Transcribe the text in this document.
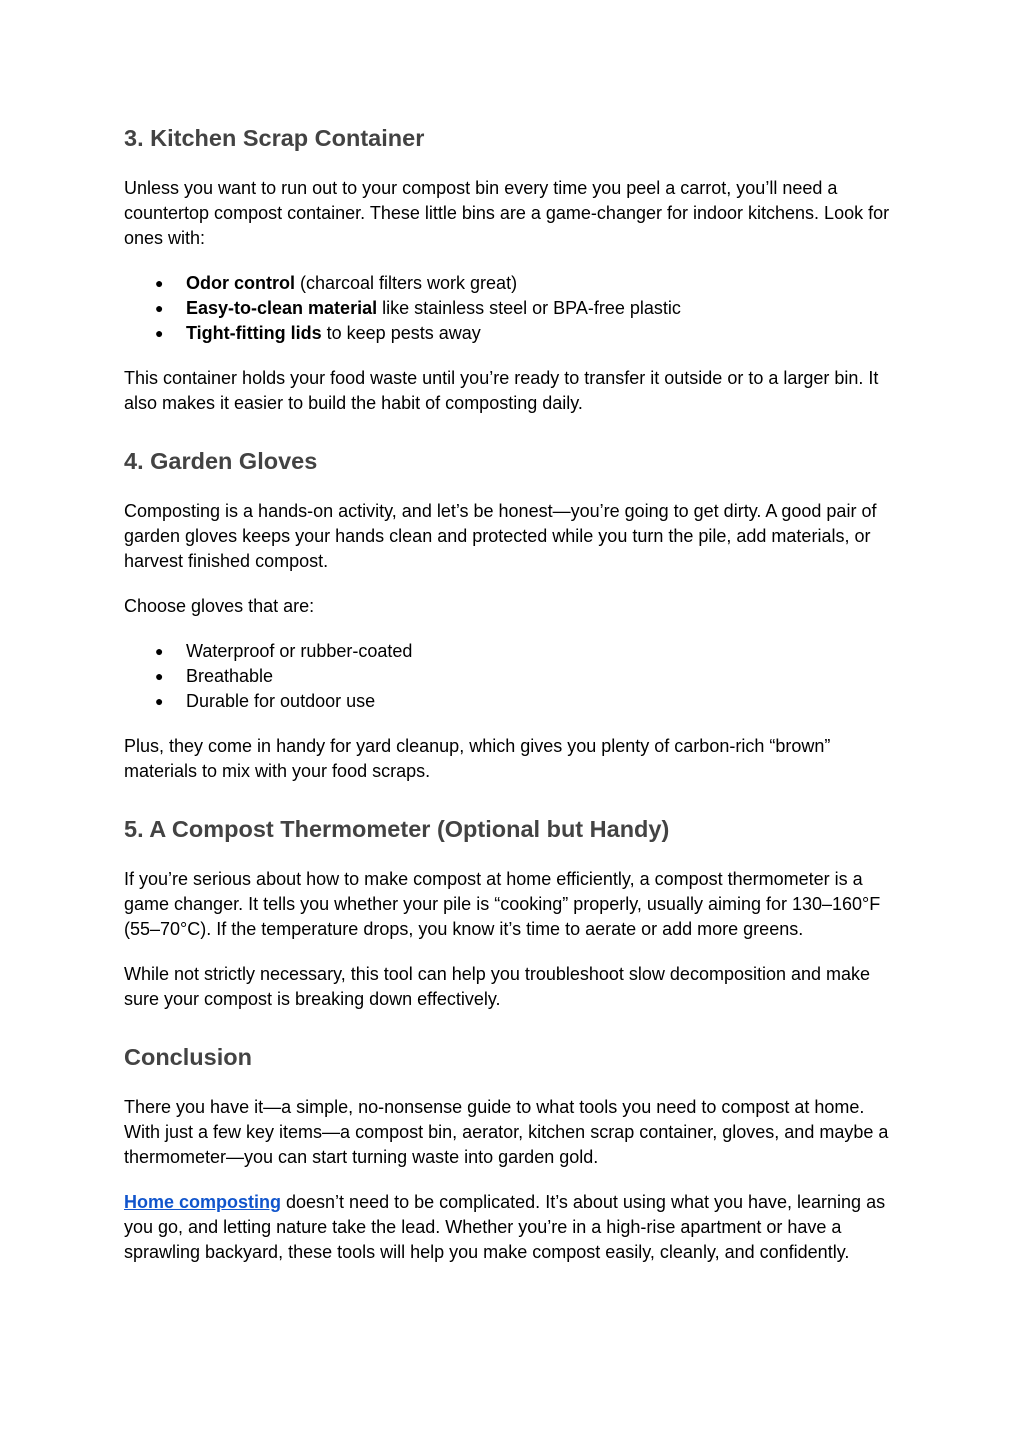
3. Kitchen Scrap Container

Unless you want to run out to your compost bin every time you peel a carrot, you’ll need a countertop compost container. These little bins are a game-changer for indoor kitchens. Look for ones with:

● Odor control (charcoal filters work great)
● Easy-to-clean material like stainless steel or BPA-free plastic
● Tight-fitting lids to keep pests away

This container holds your food waste until you’re ready to transfer it outside or to a larger bin. It also makes it easier to build the habit of composting daily.

4. Garden Gloves

Composting is a hands-on activity, and let’s be honest—you’re going to get dirty. A good pair of garden gloves keeps your hands clean and protected while you turn the pile, add materials, or harvest finished compost.

Choose gloves that are:

● Waterproof or rubber-coated
● Breathable
● Durable for outdoor use

Plus, they come in handy for yard cleanup, which gives you plenty of carbon-rich “brown” materials to mix with your food scraps.

5. A Compost Thermometer (Optional but Handy)

If you’re serious about how to make compost at home efficiently, a compost thermometer is a game changer. It tells you whether your pile is “cooking” properly, usually aiming for 130–160°F (55–70°C). If the temperature drops, you know it’s time to aerate or add more greens.

While not strictly necessary, this tool can help you troubleshoot slow decomposition and make sure your compost is breaking down effectively.

Conclusion

There you have it—a simple, no-nonsense guide to what tools you need to compost at home. With just a few key items—a compost bin, aerator, kitchen scrap container, gloves, and maybe a thermometer—you can start turning waste into garden gold.

Home composting doesn’t need to be complicated. It’s about using what you have, learning as you go, and letting nature take the lead. Whether you’re in a high-rise apartment or have a sprawling backyard, these tools will help you make compost easily, cleanly, and confidently.
